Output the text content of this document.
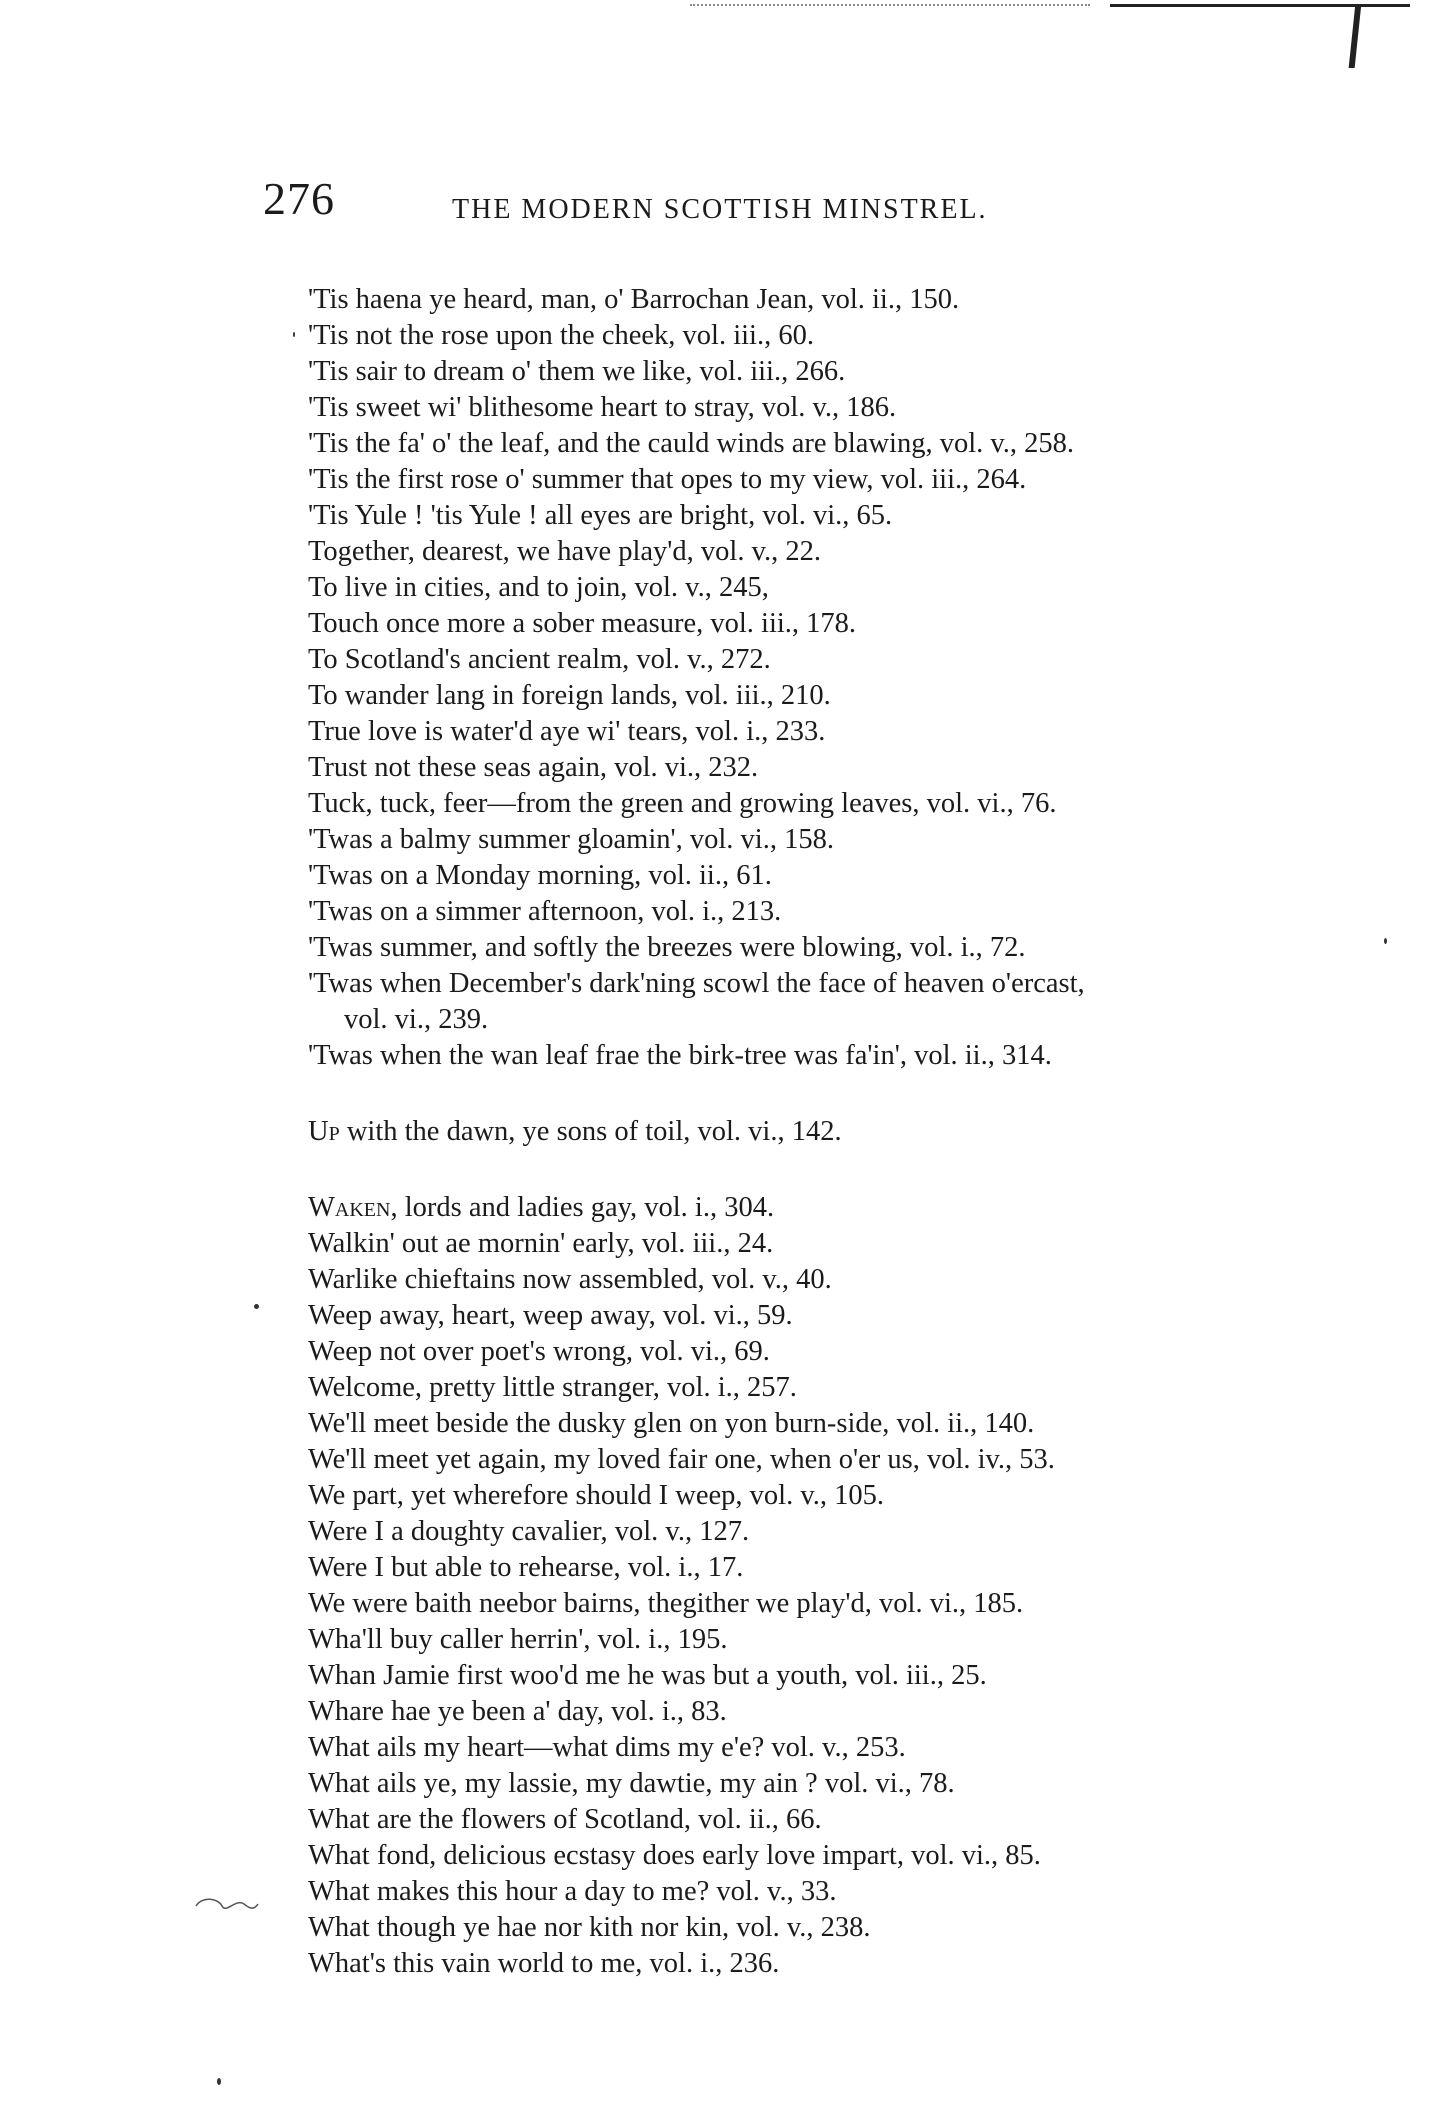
276	THE MODERN SCOTTISH MINSTREL.
'Tis haena ye heard, man, o' Barrochan Jean, vol. ii., 150.
'Tis not the rose upon the cheek, vol. iii., 60.
'Tis sair to dream o' them we like, vol. iii., 266.
'Tis sweet wi' blithesome heart to stray, vol. v., 186.
'Tis the fa' o' the leaf, and the cauld winds are blawing, vol. v., 258.
'Tis the first rose o' summer that opes to my view, vol. iii., 264.
'Tis Yule ! 'tis Yule ! all eyes are bright, vol. vi., 65.
Together, dearest, we have play'd, vol. v., 22.
To live in cities, and to join, vol. v., 245,
Touch once more a sober measure, vol. iii., 178.
To Scotland's ancient realm, vol. v., 272.
To wander lang in foreign lands, vol. iii., 210.
True love is water'd aye wi' tears, vol. i., 233.
Trust not these seas again, vol. vi., 232.
Tuck, tuck, feer—from the green and growing leaves, vol. vi., 76.
'Twas a balmy summer gloamin', vol. vi., 158.
'Twas on a Monday morning, vol. ii., 61.
'Twas on a simmer afternoon, vol. i., 213.
'Twas summer, and softly the breezes were blowing, vol. i., 72.
'Twas when December's dark'ning scowl the face of heaven o'ercast,
vol. vi., 239.
'Twas when the wan leaf frae the birk-tree was fa'in', vol. ii., 314.
Up with the dawn, ye sons of toil, vol. vi., 142.
Waken, lords and ladies gay, vol. i., 304.
Walkin' out ae mornin' early, vol. iii., 24.
Warlike chieftains now assembled, vol. v., 40.
Weep away, heart, weep away, vol. vi., 59.
Weep not over poet's wrong, vol. vi., 69.
Welcome, pretty little stranger, vol. i., 257.
We'll meet beside the dusky glen on yon burn-side, vol. ii., 140.
We'll meet yet again, my loved fair one, when o'er us, vol. iv., 53.
We part, yet wherefore should I weep, vol. v., 105.
Were I a doughty cavalier, vol. v., 127.
Were I but able to rehearse, vol. i., 17.
We were baith neebor bairns, thegither we play'd, vol. vi., 185.
Wha'll buy caller herrin', vol. i., 195.
Whan Jamie first woo'd me he was but a youth, vol. iii., 25.
Whare hae ye been a' day, vol. i., 83.
What ails my heart—what dims my e'e? vol. v., 253.
What ails ye, my lassie, my dawtie, my ain ? vol. vi., 78.
What are the flowers of Scotland, vol. ii., 66.
What fond, delicious ecstasy does early love impart, vol. vi., 85.
What makes this hour a day to me? vol. v., 33.
What though ye hae nor kith nor kin, vol. v., 238.
What's this vain world to me, vol. i., 236.
